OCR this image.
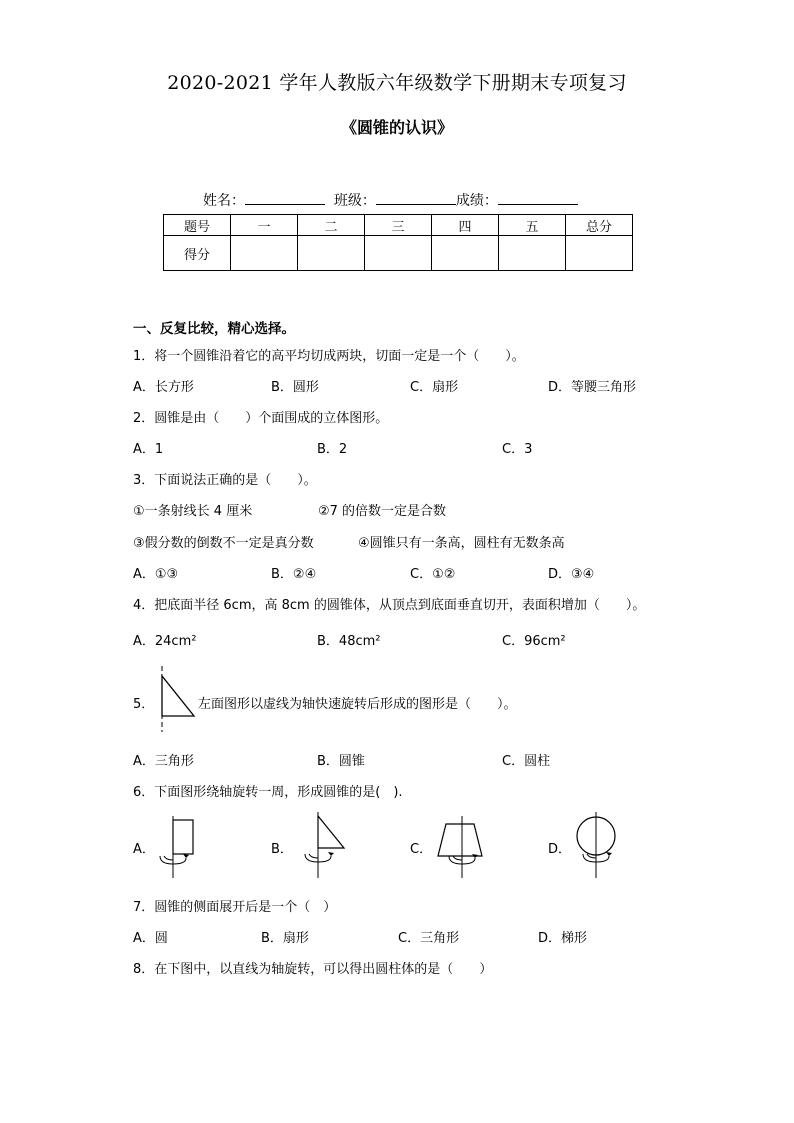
2020-2021 学年人教版六年级数学下册期末专项复习
《圆锥的认识》
姓名：	班级：	成绩：
题号	一	二	三	四	五	总分
得分						
一、反复比较，精心选择。
1．将一个圆锥沿着它的高平均切成两块，切面一定是一个（　　）。
A．长方形	B．圆形	C．扇形	D．等腰三角形
2．圆锥是由（　　）个面围成的立体图形。
A．1	B．2	C．3
3．下面说法正确的是（　　）。
①一条射线长 4 厘米	②7 的倍数一定是合数
③假分数的倒数不一定是真分数	④圆锥只有一条高，圆柱有无数条高
A．①③	B．②④	C．①②	D．③④
4．把底面半径 6cm，高 8cm 的圆锥体，从顶点到底面垂直切开，表面积增加（　　）。
A．24cm²	B．48cm²	C．96cm²
5．	左面图形以虚线为轴快速旋转后形成的图形是（　　）。
A．三角形	B．圆锥	C．圆柱
6．下面图形绕轴旋转一周，形成圆锥的是(　).
A．	B．	C．	D．
7．圆锥的侧面展开后是一个（　）
A．圆	B．扇形	C．三角形	D．梯形
8．在下图中，以直线为轴旋转，可以得出圆柱体的是（　　）
